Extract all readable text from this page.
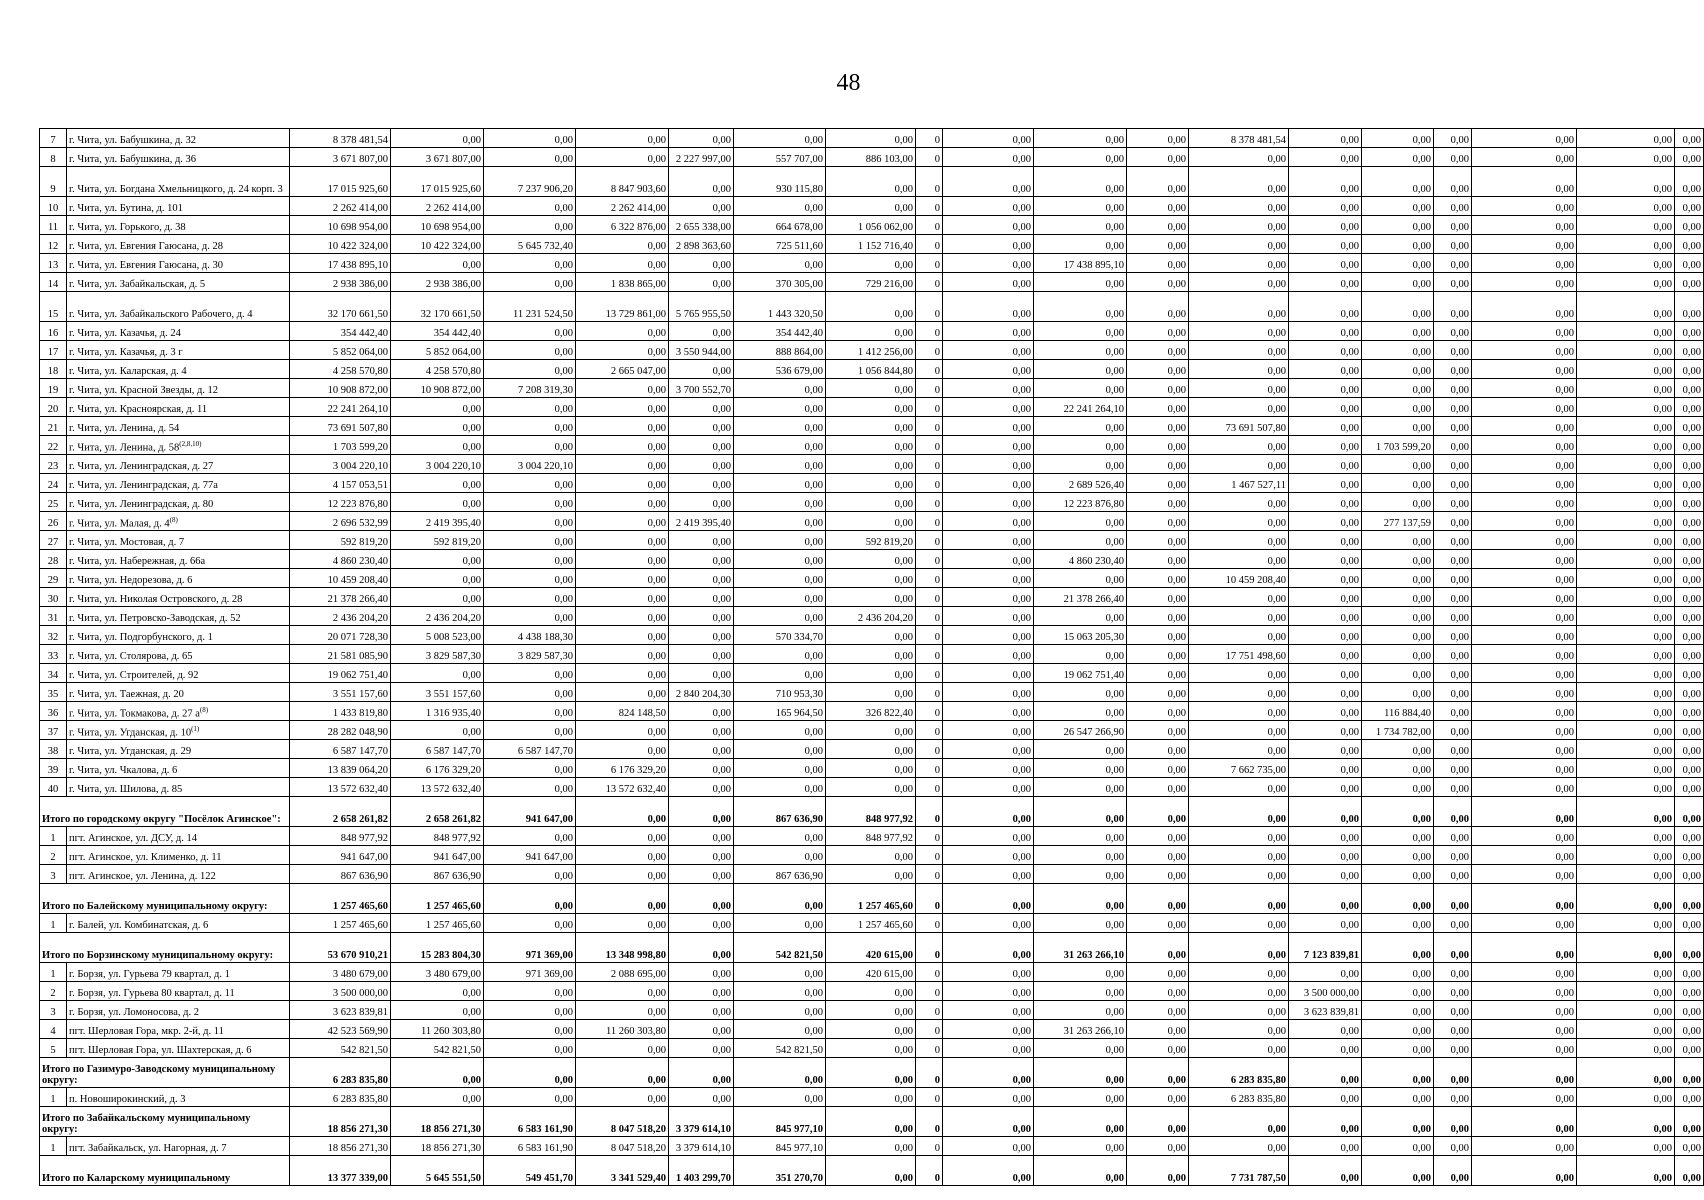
48
7	г. Чита, ул. Бабушкина, д. 32	8 378 481,54	0,00	0,00	0,00	0,00	0,00	0,00	0	0,00	0,00	0,00	8 378 481,54	0,00	0,00	0,00	0,00	0,00	0,00
8	г. Чита, ул. Бабушкина, д. 36	3 671 807,00	3 671 807,00	0,00	0,00	2 227 997,00	557 707,00	886 103,00	0	0,00	0,00	0,00	0,00	0,00	0,00	0,00	0,00	0,00	0,00
9	г. Чита, ул. Богдана Хмельницкого, д. 24 корп. 3	17 015 925,60	17 015 925,60	7 237 906,20	8 847 903,60	0,00	930 115,80	0,00	0	0,00	0,00	0,00	0,00	0,00	0,00	0,00	0,00	0,00	0,00
10	г. Чита, ул. Бутина, д. 101	2 262 414,00	2 262 414,00	0,00	2 262 414,00	0,00	0,00	0,00	0	0,00	0,00	0,00	0,00	0,00	0,00	0,00	0,00	0,00	0,00
11	г. Чита, ул. Горького, д. 38	10 698 954,00	10 698 954,00	0,00	6 322 876,00	2 655 338,00	664 678,00	1 056 062,00	0	0,00	0,00	0,00	0,00	0,00	0,00	0,00	0,00	0,00	0,00
12	г. Чита, ул. Евгения Гаюсана, д. 28	10 422 324,00	10 422 324,00	5 645 732,40	0,00	2 898 363,60	725 511,60	1 152 716,40	0	0,00	0,00	0,00	0,00	0,00	0,00	0,00	0,00	0,00	0,00
13	г. Чита, ул. Евгения Гаюсана, д. 30	17 438 895,10	0,00	0,00	0,00	0,00	0,00	0,00	0	0,00	17 438 895,10	0,00	0,00	0,00	0,00	0,00	0,00	0,00	0,00
14	г. Чита, ул. Забайкальская, д. 5	2 938 386,00	2 938 386,00	0,00	1 838 865,00	0,00	370 305,00	729 216,00	0	0,00	0,00	0,00	0,00	0,00	0,00	0,00	0,00	0,00	0,00
15	г. Чита, ул. Забайкальского Рабочего, д. 4	32 170 661,50	32 170 661,50	11 231 524,50	13 729 861,00	5 765 955,50	1 443 320,50	0,00	0	0,00	0,00	0,00	0,00	0,00	0,00	0,00	0,00	0,00	0,00
16	г. Чита, ул. Казачья, д. 24	354 442,40	354 442,40	0,00	0,00	0,00	354 442,40	0,00	0	0,00	0,00	0,00	0,00	0,00	0,00	0,00	0,00	0,00	0,00
17	г. Чита, ул. Казачья, д. 3 г	5 852 064,00	5 852 064,00	0,00	0,00	3 550 944,00	888 864,00	1 412 256,00	0	0,00	0,00	0,00	0,00	0,00	0,00	0,00	0,00	0,00	0,00
18	г. Чита, ул. Каларская, д. 4	4 258 570,80	4 258 570,80	0,00	2 665 047,00	0,00	536 679,00	1 056 844,80	0	0,00	0,00	0,00	0,00	0,00	0,00	0,00	0,00	0,00	0,00
19	г. Чита, ул. Красной Звезды, д. 12	10 908 872,00	10 908 872,00	7 208 319,30	0,00	3 700 552,70	0,00	0,00	0	0,00	0,00	0,00	0,00	0,00	0,00	0,00	0,00	0,00	0,00
20	г. Чита, ул. Красноярская, д. 11	22 241 264,10	0,00	0,00	0,00	0,00	0,00	0,00	0	0,00	22 241 264,10	0,00	0,00	0,00	0,00	0,00	0,00	0,00	0,00
21	г. Чита, ул. Ленина, д. 54	73 691 507,80	0,00	0,00	0,00	0,00	0,00	0,00	0	0,00	0,00	0,00	73 691 507,80	0,00	0,00	0,00	0,00	0,00	0,00
22	г. Чита, ул. Ленина, д. 58$^{(2,8,10)}$	1 703 599,20	0,00	0,00	0,00	0,00	0,00	0,00	0	0,00	0,00	0,00	0,00	0,00	1 703 599,20	0,00	0,00	0,00	0,00
23	г. Чита, ул. Ленинградская, д. 27	3 004 220,10	3 004 220,10	3 004 220,10	0,00	0,00	0,00	0,00	0	0,00	0,00	0,00	0,00	0,00	0,00	0,00	0,00	0,00	0,00
24	г. Чита, ул. Ленинградская, д. 77а	4 157 053,51	0,00	0,00	0,00	0,00	0,00	0,00	0	0,00	2 689 526,40	0,00	1 467 527,11	0,00	0,00	0,00	0,00	0,00	0,00
25	г. Чита, ул. Ленинградская, д. 80	12 223 876,80	0,00	0,00	0,00	0,00	0,00	0,00	0	0,00	12 223 876,80	0,00	0,00	0,00	0,00	0,00	0,00	0,00	0,00
26	г. Чита, ул. Малая, д. 4$^{(8)}$	2 696 532,99	2 419 395,40	0,00	0,00	2 419 395,40	0,00	0,00	0	0,00	0,00	0,00	0,00	0,00	277 137,59	0,00	0,00	0,00	0,00
27	г. Чита, ул. Мостовая, д. 7	592 819,20	592 819,20	0,00	0,00	0,00	0,00	592 819,20	0	0,00	0,00	0,00	0,00	0,00	0,00	0,00	0,00	0,00	0,00
28	г. Чита, ул. Набережная, д. 66а	4 860 230,40	0,00	0,00	0,00	0,00	0,00	0,00	0	0,00	4 860 230,40	0,00	0,00	0,00	0,00	0,00	0,00	0,00	0,00
29	г. Чита, ул. Недорезова, д. 6	10 459 208,40	0,00	0,00	0,00	0,00	0,00	0,00	0	0,00	0,00	0,00	10 459 208,40	0,00	0,00	0,00	0,00	0,00	0,00
30	г. Чита, ул. Николая Островского, д. 28	21 378 266,40	0,00	0,00	0,00	0,00	0,00	0,00	0	0,00	21 378 266,40	0,00	0,00	0,00	0,00	0,00	0,00	0,00	0,00
31	г. Чита, ул. Петровско-Заводская, д. 52	2 436 204,20	2 436 204,20	0,00	0,00	0,00	0,00	2 436 204,20	0	0,00	0,00	0,00	0,00	0,00	0,00	0,00	0,00	0,00	0,00
32	г. Чита, ул. Подгорбунского, д. 1	20 071 728,30	5 008 523,00	4 438 188,30	0,00	0,00	570 334,70	0,00	0	0,00	15 063 205,30	0,00	0,00	0,00	0,00	0,00	0,00	0,00	0,00
33	г. Чита, ул. Столярова, д. 65	21 581 085,90	3 829 587,30	3 829 587,30	0,00	0,00	0,00	0,00	0	0,00	0,00	0,00	17 751 498,60	0,00	0,00	0,00	0,00	0,00	0,00
34	г. Чита, ул. Строителей, д. 92	19 062 751,40	0,00	0,00	0,00	0,00	0,00	0,00	0	0,00	19 062 751,40	0,00	0,00	0,00	0,00	0,00	0,00	0,00	0,00
35	г. Чита, ул. Таежная, д. 20	3 551 157,60	3 551 157,60	0,00	0,00	2 840 204,30	710 953,30	0,00	0	0,00	0,00	0,00	0,00	0,00	0,00	0,00	0,00	0,00	0,00
36	г. Чита, ул. Токмакова, д. 27 $а^{(8)}$	1 433 819,80	1 316 935,40	0,00	824 148,50	0,00	165 964,50	326 822,40	0	0,00	0,00	0,00	0,00	0,00	116 884,40	0,00	0,00	0,00	0,00
37	г. Чита, ул. Угданская, д. 10$^{(1)}$	28 282 048,90	0,00	0,00	0,00	0,00	0,00	0,00	0	0,00	26 547 266,90	0,00	0,00	0,00	1 734 782,00	0,00	0,00	0,00	0,00
38	г. Чита, ул. Угданская, д. 29	6 587 147,70	6 587 147,70	6 587 147,70	0,00	0,00	0,00	0,00	0	0,00	0,00	0,00	0,00	0,00	0,00	0,00	0,00	0,00	0,00
39	г. Чита, ул. Чкалова, д. 6	13 839 064,20	6 176 329,20	0,00	6 176 329,20	0,00	0,00	0,00	0	0,00	0,00	0,00	7 662 735,00	0,00	0,00	0,00	0,00	0,00	0,00
40	г. Чита, ул. Шилова, д. 85	13 572 632,40	13 572 632,40	0,00	13 572 632,40	0,00	0,00	0,00	0	0,00	0,00	0,00	0,00	0,00	0,00	0,00	0,00	0,00	0,00
Итого по городскому округу "Посёлок Агинское":		2 658 261,82	2 658 261,82	941 647,00	0,00	0,00	867 636,90	848 977,92	0	0,00	0,00	0,00	0,00	0,00	0,00	0,00	0,00	0,00	0,00
1	пгт. Агинское, ул. ДСУ, д. 14	848 977,92	848 977,92	0,00	0,00	0,00	0,00	848 977,92	0	0,00	0,00	0,00	0,00	0,00	0,00	0,00	0,00	0,00	0,00
2	пгт. Агинское, ул. Клименко, д. 11	941 647,00	941 647,00	941 647,00	0,00	0,00	0,00	0,00	0	0,00	0,00	0,00	0,00	0,00	0,00	0,00	0,00	0,00	0,00
3	пгт. Агинское, ул. Ленина, д. 122	867 636,90	867 636,90	0,00	0,00	0,00	867 636,90	0,00	0	0,00	0,00	0,00	0,00	0,00	0,00	0,00	0,00	0,00	0,00
Итого по Балейскому муниципальному округу:		1 257 465,60	1 257 465,60	0,00	0,00	0,00	0,00	1 257 465,60	0	0,00	0,00	0,00	0,00	0,00	0,00	0,00	0,00	0,00	0,00
1	г. Балей, ул. Комбинатская, д. 6	1 257 465,60	1 257 465,60	0,00	0,00	0,00	0,00	1 257 465,60	0	0,00	0,00	0,00	0,00	0,00	0,00	0,00	0,00	0,00	0,00
Итого по Борзинскому муниципальному округу:		53 670 910,21	15 283 804,30	971 369,00	13 348 998,80	0,00	542 821,50	420 615,00	0	0,00	31 263 266,10	0,00	0,00	7 123 839,81	0,00	0,00	0,00	0,00	0,00
1	г. Борзя, ул. Гурьева 79 квартал, д. 1	3 480 679,00	3 480 679,00	971 369,00	2 088 695,00	0,00	0,00	420 615,00	0	0,00	0,00	0,00	0,00	0,00	0,00	0,00	0,00	0,00	0,00
2	г. Борзя, ул. Гурьева 80 квартал, д. 11	3 500 000,00	0,00	0,00	0,00	0,00	0,00	0,00	0	0,00	0,00	0,00	0,00	3 500 000,00	0,00	0,00	0,00	0,00	0,00
3	г. Борзя, ул. Ломоносова, д. 2	3 623 839,81	0,00	0,00	0,00	0,00	0,00	0,00	0	0,00	0,00	0,00	0,00	3 623 839,81	0,00	0,00	0,00	0,00	0,00
4	пгт. Шерловая Гора, мкр. 2-й, д. 11	42 523 569,90	11 260 303,80	0,00	11 260 303,80	0,00	0,00	0,00	0	0,00	31 263 266,10	0,00	0,00	0,00	0,00	0,00	0,00	0,00	0,00
5	пгт. Шерловая Гора, ул. Шахтерская, д. 6	542 821,50	542 821,50	0,00	0,00	0,00	542 821,50	0,00	0	0,00	0,00	0,00	0,00	0,00	0,00	0,00	0,00	0,00	0,00
Итого по Газимуро-Заводскому муниципальному округу:		6 283 835,80	0,00	0,00	0,00	0,00	0,00	0,00	0	0,00	0,00	0,00	6 283 835,80	0,00	0,00	0,00	0,00	0,00	0,00
1	п. Новоширокинский, д. 3	6 283 835,80	0,00	0,00	0,00	0,00	0,00	0,00	0	0,00	0,00	0,00	6 283 835,80	0,00	0,00	0,00	0,00	0,00	0,00
Итого по Забайкальскому муниципальному округу:		18 856 271,30	18 856 271,30	6 583 161,90	8 047 518,20	3 379 614,10	845 977,10	0,00	0	0,00	0,00	0,00	0,00	0,00	0,00	0,00	0,00	0,00	0,00
1	пгт. Забайкальск, ул. Нагорная, д. 7	18 856 271,30	18 856 271,30	6 583 161,90	8 047 518,20	3 379 614,10	845 977,10	0,00	0	0,00	0,00	0,00	0,00	0,00	0,00	0,00	0,00	0,00	0,00
Итого по Каларскому муниципальному		13 377 339,00	5 645 551,50	549 451,70	3 341 529,40	1 403 299,70	351 270,70	0,00	0	0,00	0,00	0,00	7 731 787,50	0,00	0,00	0,00	0,00	0,00	0,00
